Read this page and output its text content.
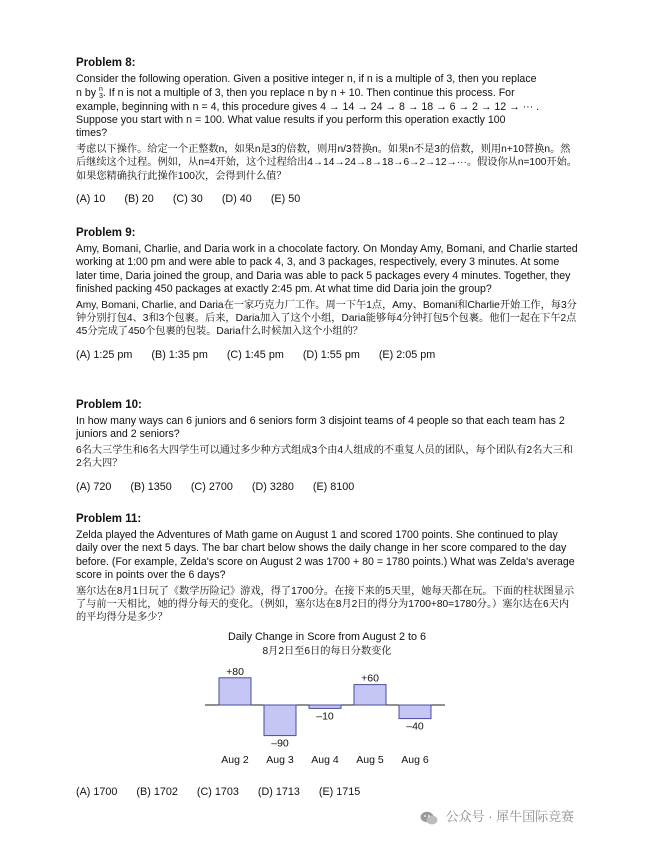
Problem 8:

Consider the following operation. Given a positive integer n, if n is a multiple of 3, then you replace
n by n
3. If n is not a multiple of 3, then you replace n by n + 10. Then continue this process. For
example, beginning with n = 4, this procedure gives 4 → 14 → 24 → 8 → 18 → 6 → 2 → 12 → ··· .
Suppose you start with n = 100. What value results if you perform this operation exactly 100
times?

考虑以下操作。给定一个正整数n，如果n是3的倍数，则用n/3替换n。如果n不是3的倍数，则用n+10替换n。然后继续这个过程。例如，从n=4开始，这个过程给出4→14→24→8→18→6→2→12→···。假设你从n=100开始。如果您精确执行此操作100次，会得到什么值？

(A) 10 (B) 20 (C) 30 (D) 40 (E) 50
Problem 9:

Amy, Bomani, Charlie, and Daria work in a chocolate factory. On Monday Amy, Bomani, and Charlie started working at 1:00 pm and were able to pack 4, 3, and 3 packages, respectively, every 3 minutes. At some later time, Daria joined the group, and Daria was able to pack 5 packages every 4 minutes. Together, they finished packing 450 packages at exactly 2:45 pm. At what time did Daria join the group?

Amy, Bomani, Charlie, and Daria在一家巧克力厂工作。周一下午1点，Amy、Bomani和Charlie开始工作，每3分钟分别打包4、3和3个包裹。后来，Daria加入了这个小组，Daria能够每4分钟打包5个包裹。他们一起在下午2点45分完成了450个包裹的包装。Daria什么时候加入这个小组的？

(A) 1:25 pm (B) 1:35 pm (C) 1:45 pm (D) 1:55 pm (E) 2:05 pm
Problem 10:

In how many ways can 6 juniors and 6 seniors form 3 disjoint teams of 4 people so that each team has 2 juniors and 2 seniors?

6名大三学生和6名大四学生可以通过多少种方式组成3个由4人组成的不重复人员的团队，每个团队有2名大三和2名大四？

(A) 720 (B) 1350 (C) 2700 (D) 3280 (E) 8100
Problem 11:

Zelda played the Adventures of Math game on August 1 and scored 1700 points. She continued to play daily over the next 5 days. The bar chart below shows the daily change in her score compared to the day before. (For example, Zelda's score on August 2 was 1700 + 80 = 1780 points.) What was Zelda's average score in points over the 6 days?

塞尔达在8月1日玩了《数学历险记》游戏，得了1700分。在接下来的5天里，她每天都在玩。下面的柱状图显示了与前一天相比，她的得分每天的变化。（例如，塞尔达在8月2日的得分为1700+80=1780分。）塞尔达在6天内的平均得分是多少？

Daily Change in Score from August 2 to 6
8月2日至6日的每日分数变化
+80
Aug 2
–90
Aug 3
–10
Aug 4
+60
Aug 5
–40
Aug 6
(A) 1700 (B) 1702 (C) 1703 (D) 1713 (E) 1715
公众号 · 犀牛国际竞赛
